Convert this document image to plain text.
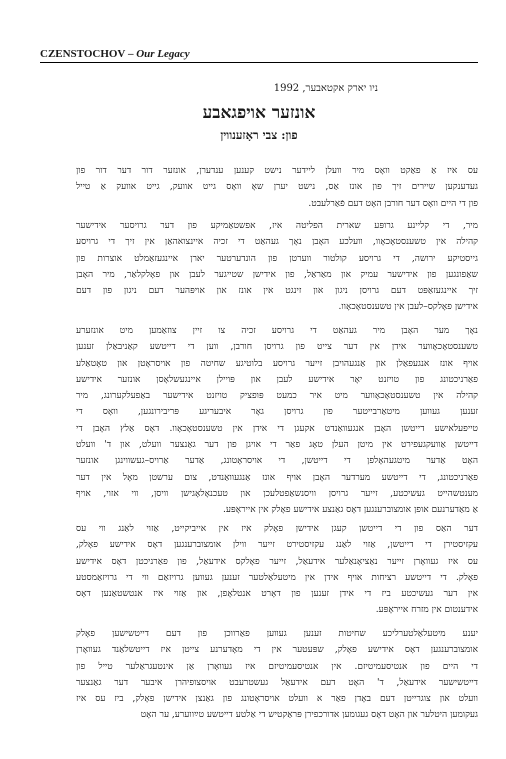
CZENSTOCHOV – Our Legacy
ניו יארק אקטאבער, 1992
אונזער אויפגאבע
פון: צבי ראָזענווין
עס איז אַ פאַקט וואָס מיר וועלן ליידער נישט קענען ענדערן, אונזער דור דער דור פון
געדענקען שיירים זיך פון אונז אַס, נישט יערן שאָ וואָס גייט אוועק, גייט אוועק אַ טייל
פון די היים וואָס דער חורבן האָט דעם פֿאַרלעבט.
מיר, די קליינע גרופּע שארית הפליטה איז, אפשטאַמיקע פון דער גרויסער אידישער
קהילה אין טשענסטאָכאָוו, וועלכע האָבן נאָך געהאַט די זכיה איינצואהאַן אין זיך די גרויסע
גייסטיקע ירושה, די גרויסע קולטור ווערטן פון הונדערטער יארן איינגעזאַמלט אוצרות פון
שאַפונגען פון אידישער עמיק און מאַראַל, פון אידישן שטייגער לעבן און פאָלקלאַר, מיר האָבן
זיך איינגעזאַפּט דעם גרויסן ניגון און זינגט אין אונז און אויפּהער דעם ניגון פון דעם
אידישן פאָלקס–לעבן אין טשענסטאָכאָוו.
נאָך מער האָבן מיר געהאַט די גרויסע זכיה צו זיין צוזאַמען מיט אונזערע
טשענסטאָכאָווער אידן אין דער צייט פון גרויסן חורבן, ווען די דייטשע קאַניבאַלן זענען
אויף אונז אנגעפאַלן און אַנגעהויבן זייער גרויסע בלוטיגע שחיטה פון אויסראָטן און טאָטאַלע
פאַרניכטונג פון טויזנט יאָר אידישע לעבן און פּויילן איינגעשלאָסן אונזער אידישע
קהילה אין טשענסטאָכאָווער מיט איר כמעט פּופציק טויזנט אידישער באַפעלקערונג, מיר
זענען געווען מיטאַרבייטער פון גרויסן גאָר איבעריגע פּריבירונגען, וואָס די
טייפעלאישע דייטשן האָבן אנגעוואַנדט אקעגן די אידן אין טשענסטאָכאָוו. דאָס אַלץ האָבן די
דייטשן אַוועקגעפירט אין מיטן העלן טאָג פאַר די אויגן פון דער גאַנצער וועלט, און ד' וועלט
האָט אַדער מיטגעהאָלפן די דייטשן, די אויסראָטונג, אַדער אַרויס–געשווינגן אונזער
פאַרניכטונג, די דייטשע מערדער האָבן אויף אונז אַנגעוואַנדט, צום ערשטן מאָל אין דער
מענטשהייט געשיכטע, זייער גרויסן וויסנשאַפטלעכן און טעכנאָלאָגישן וויסן, ווי אזוי, אויף
אַ מאַדערנעם אופן אומצוברענגען דאָס גאַנצע אידישע פאָלק אין אייראָפּע.
דער האַס פון די דייטשן קעגן אידישן פאָלק איז אין אייביקייט, אַזוי לאַנג ווי עס
עקזיסטירן די דייטשן, אַזוי לאַנג עקזיסטירט זייער ווילן אומצוברענגען דאָס אידישע פאָלק,
עס איז געוואָרן זייער נאַציאָנאַלער אידעאַל, זייער פאָלקס אידעאַל, פון פאַרניכטן דאָס אידישע
פאָלק. די דייטשע רציחות אויף אידן אין מיטעלאַלטער זענען געווען גרויזאַם ווי די גרויזאַמסטע
אין דער געשיכטע ביז די אידן זענען פון דאָרט אנטלאָפן, און אַזוי איז אנטשטאַנען דאָס
אידענטום אין מזרח אייראָפּע.
יענע מיטעלאַלטערליכע שחיטות זענען געווען פאַרווכן פון דעם דייטשישען פאָלק
אומצוברענגען דאָס אידישע פאָלק, שפּעטער אין די מאָדערנע צייטן איז דייטשלאַנד געוואָרן
די היים פון אנטיסעמיטיזם. אין אנטיסעמיטיזם איז געוואָרן אַן אינטעגראַלער טייל פון
דייטשישער אידעאַל, ד' האָט דעם אידעאַל געשטרעבט אויסצופיהרן איבער דער גאַנצער
וועלט און צוגרייטן דעם באָדן פאַר א וועלט אויסראָטונג פון גאַנצן אידישן פאָלק, ביז עס איז
געקומען היטלער און האָט דאָס געגומען אדורכפירן פּראַקטיש די אַלטע דייטשע טײַווערע, ער האָט
